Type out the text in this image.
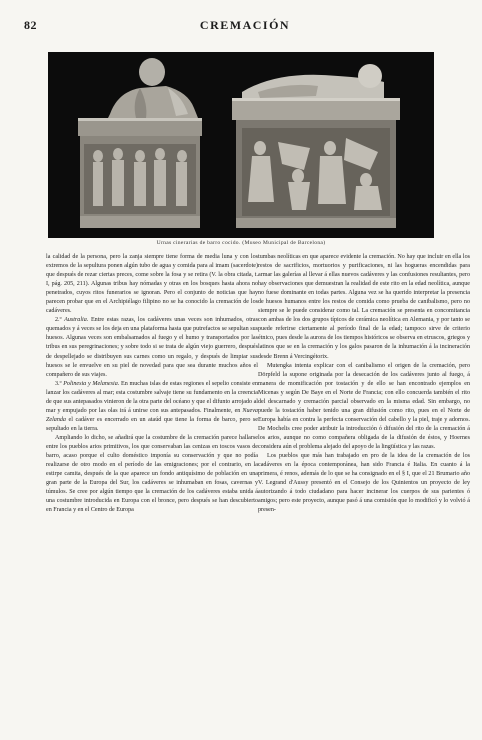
82	CREMACIÓN
Urnas cinerarias de barro cocido. (Museo Municipal de Barcelona)

la calidad de la persona, pero la zanja siempre tiene forma de media luna y con los extremos de la sepultura ponen algún tubo de agua y comida para al imam (sacerdote) que después de rezar ciertas preces, come sobre la fosa y se retira (V. la obra citada, t. I, pág. 205, 211). Algunas tribus hay nómadas y otras en los bosques hasta ahora no penetrados, cuyos ritos funerarios se ignoran. Pero el conjunto de noticias que hay parecen probar que en el Archipiélago filipino no se ha conocido la cremación de los cadáveres.

2.º Australia. Entre estas razas, los cadáveres unas veces son inhumados, otras quemados y á veces se los deja en una plataforma hasta que putrefactos se sepultan sus huesos. Algunas veces son embalsamados al fuego y el humo y transportados por las tribus en sus peregrinaciones; y sobre todo si se trata de algún viejo guerrero, después de despellejado se distribuyen sus carnes como un regalo, y después de limpiar sus huesos se le envuelve en su piel de novedad para que sea durante muchos años el compañero de sus viajes.

3.º Polinesia y Melanesia. En muchas islas de estas regiones el sepelio consiste en lanzar los cadáveres al mar; esta costumbre salvaje tiene su fundamento en la creencia de que sus antepasados vinieron de la otra parte del océano y que el difunto arrojado al mar y empujado por las olas irá á unirse con sus antepasados. Finalmente, en Nueva Zelanda el cadáver es encerrado en un ataúd que tiene la forma de barco, pero se sepultado en la tierra.

Ampliando lo dicho, se añadirá que la costumbre de la cremación parece hallarse entre los pueblos arios primitivos, los que conservaban las cenizas en toscos vasos de barro, acaso porque el culto doméstico imponía su conservación y que no podía realizarse de otro modo en el período de las emigraciones; por el contrario, en la estirpe camita, después de la que aparece un fondo antiquísimo de población en una gran parte de la Europa del Sur, los cadáveres se inhumaban en fosas, cavernas y túmulos. Se cree por algún tiempo que la cremación de los cadáveres estaba unida á una costumbre introducida en Europa con el bronce, pero después se han descubierto en Francia y en el Centro de Europa

tumbas neolíticas en que aparece evidente la cremación. No hay que incluir en ella los restos de sacrificios, mortuorios y purificaciones, ni las hogueras encendidas para armar las galerías al llevar á ellas nuevos cadáveres y las confusiones resultantes, pero hay observaciones que demuestran la realidad de este rito en la edad neolítica, aunque no fuese dominante en todas partes. Alguna vez se ha querido interpretar la presencia de huesos humanos entre los restos de comida como prueba de canibalismo, pero no siempre se le puede considerar como tal. La cremación se presenta en concomitancia con ambas de los dos grupos típicos de cerámica neolítica en Alemania, y por tanto se puede referirse ciertamente al período final de la edad; tampoco sirve de criterio étnico, pues desde la aurora de los tiempos históricos se observa en etruscos, griegos y latinos que se en la cremación y los galos pasaron de la inhumación á la incineración desde Brenn á Vercingétorix.

Mutengka intenta explicar con el canibalismo el origen de la cremación, pero Dörpfeld la supone originada por la desecación de los cadáveres junto al fuego, á manera de momificación por tostación y de ello se han encontrado ejemplos en Micenas y según De Baye en el Norte de Francia; con ello concuerda también el rito del descarnado y cremación parcial observado en la misma edad. Sin embargo, no puede la tostación haber tenido una gran difusión como rito, pues en el Norte de Europa había en contra la perfecta conservación del cabello y la piel, traje y adornos. De Mochelis cree poder atribuir la introducción ó difusión del rito de la cremación á los arios, aunque no como compañera obligada de la difusión de éstos, y Hoernes considera aún el problema alejado del apoyo de la lingüística y las razas.

Los pueblos que más han trabajado en pro de la idea de la cremación de los cadáveres en la época contemporánea, han sido Francia é Italia. En cuanto á la primera, é renos, además de lo que se ha consignado en el § I, que el 21 Brumario año V. Legrand d'Aussy presentó en el Consejo de los Quinientos un proyecto de ley autorizando á todo ciudadano para hacer incinerar los cuerpos de sus parientes ó amigos; pero este proyecto, aunque pasó á una comisión que lo modificó y lo volvió á presen-
